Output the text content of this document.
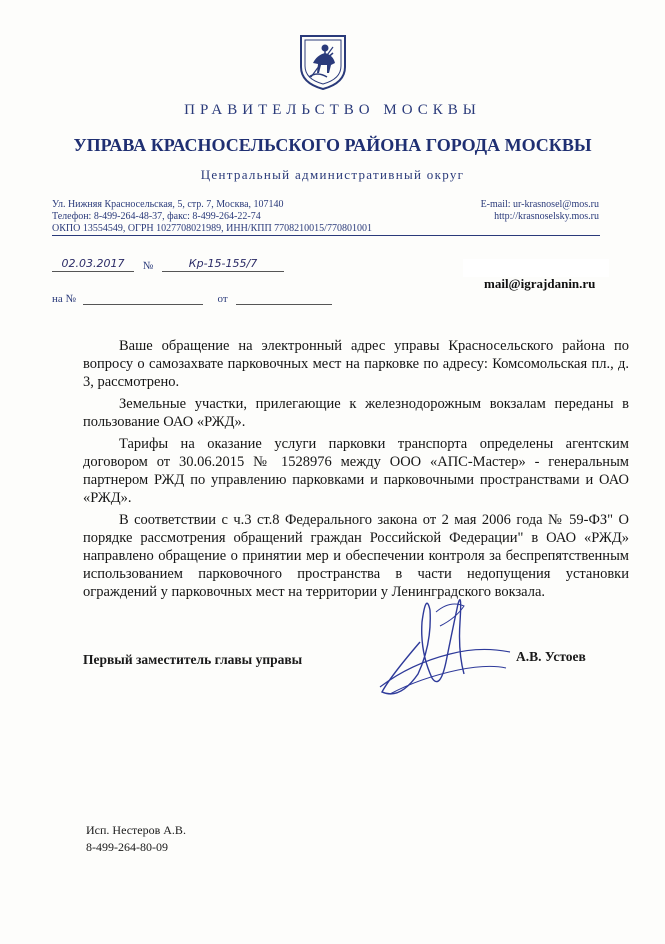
ПРАВИТЕЛЬСТВО МОСКВЫ
УПРАВА КРАСНОСЕЛЬСКОГО РАЙОНА ГОРОДА МОСКВЫ
Центральный административный округ
Ул. Нижняя Красносельская, 5, стр. 7, Москва, 107140
Телефон: 8-499-264-48-37, факс: 8-499-264-22-74
ОКПО 13554549, ОГРН 1027708021989, ИНН/КПП 7708210015/770801001
E-mail: ur-krasnosel@mos.ru
http://krasnoselsky.mos.ru
02.03.2017 №	Кр-15-155/7
на №	от
mail@igrajdanin.ru

Ваше обращение на электронный адрес управы Красносельского района по вопросу о самозахвате парковочных мест на парковке по адресу: Комсомольская пл., д. 3, рассмотрено.

Земельные участки, прилегающие к железнодорожным вокзалам переданы в пользование ОАО «РЖД».

Тарифы на оказание услуги парковки транспорта определены агентским договором от 30.06.2015 № 1528976 между ООО «АПС-Мастер» - генеральным партнером РЖД по управлению парковками и парковочными пространствами и ОАО «РЖД».

В соответствии с ч.3 ст.8 Федерального закона от 2 мая 2006 года № 59-ФЗ" О порядке рассмотрения обращений граждан Российской Федерации" в ОАО «РЖД» направлено обращение о принятии мер и обеспечении контроля за беспрепятственным использованием парковочного пространства в части недопущения установки ограждений у парковочных мест на территории у Ленинградского вокзала.

Первый заместитель главы управы	А.В. Устоев
Исп. Нестеров А.В.
8-499-264-80-09
